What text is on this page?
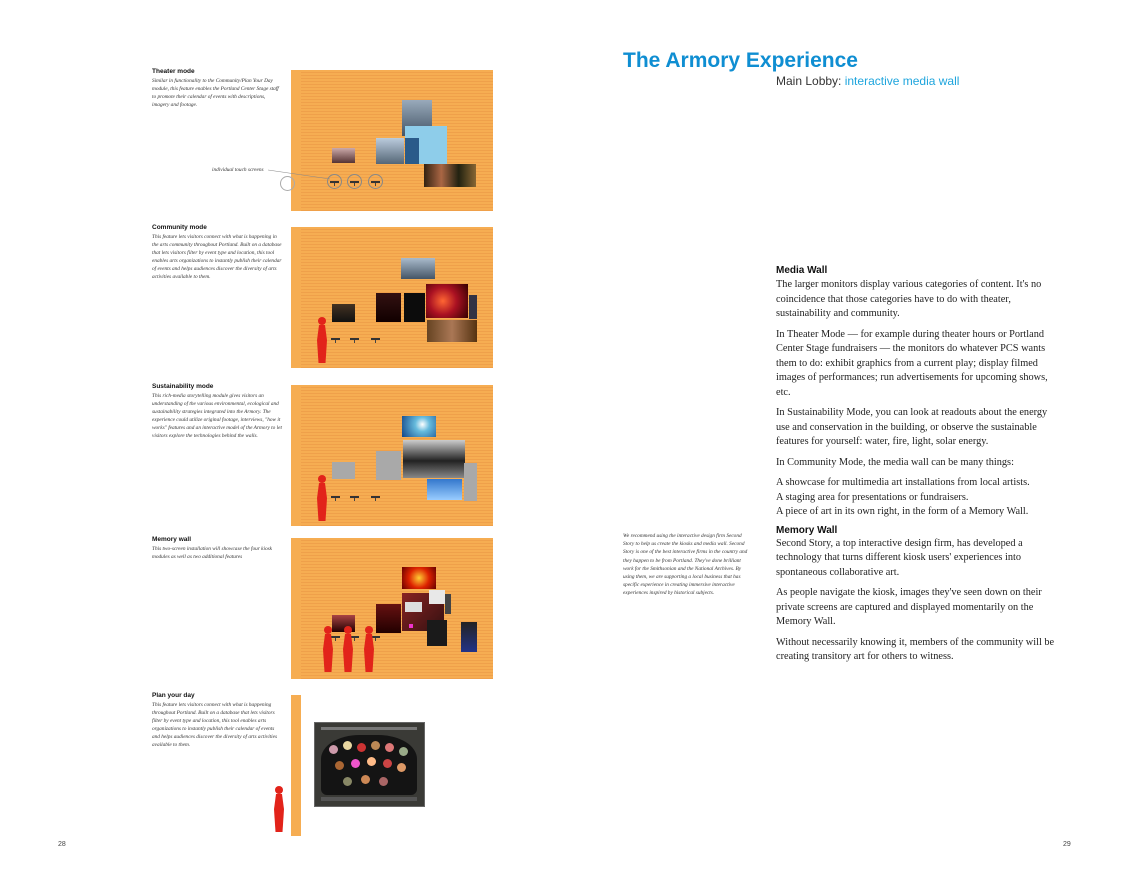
Theater mode
Similar in functionality to the Community/Plan Your Day module, this feature enables the Portland Center Stage staff to promote their calendar of events with descriptions, imagery and footage.
individual touch screens
Community mode
This feature lets visitors connect with what is happening in the arts community throughout Portland. Built on a database that lets visitors filter by event type and location, this tool enables arts organizations to instantly publish their calendar of events and helps audiences discover the diversity of arts activities available to them.
Sustainability mode
This rich-media storytelling module gives visitors an understanding of the various environmental, ecological and sustainability strategies integrated into the Armory. The experience could utilize original footage, interviews, "how it works" features and an interactive model of the Armory to let visitors explore the technologies behind the walls.
Memory wall
This two-screen installation will showcase the four kiosk modules as well as two additional features
Plan your day
This feature lets visitors connect with what is happening throughout Portland. Built on a database that lets visitors filter by event type and location, this tool enables arts organizations to instantly publish their calendar of events and helps audiences discover the diversity of arts activities available to them.
28
The Armory Experience
Main Lobby: interactive media wall
We recommend using the interactive design firm Second Story to help us create the kiosks and media wall. Second Story is one of the best interactive firms in the country and they happen to be from Portland. They've done brilliant work for the Smithsonian and the National Archives. By using them, we are supporting a local business that has specific experience in creating immersive interactive experiences inspired by historical subjects.
Media Wall

The larger monitors display various categories of content. It's no coincidence that those categories have to do with theater, sustainability and community.

In Theater Mode — for example during theater hours or Portland Center Stage fundraisers — the monitors do whatever PCS wants them to do: exhibit graphics from a current play; display filmed images of performances; run advertisements for upcoming shows, etc.

In Sustainability Mode, you can look at readouts about the energy use and conservation in the building, or observe the sustainable features for yourself: water, fire, light, solar energy.

In Community Mode, the media wall can be many things:

A showcase for multimedia art installations from local artists.

A staging area for presentations or fundraisers.

A piece of art in its own right, in the form of a Memory Wall.

Memory Wall

Second Story, a top interactive design firm, has developed a technology that turns different kiosk users' experiences into spontaneous collaborative art.

As people navigate the kiosk, images they've seen down on their private screens are captured and displayed momentarily on the Memory Wall.

Without necessarily knowing it, members of the community will be creating transitory art for others to witness.

29
